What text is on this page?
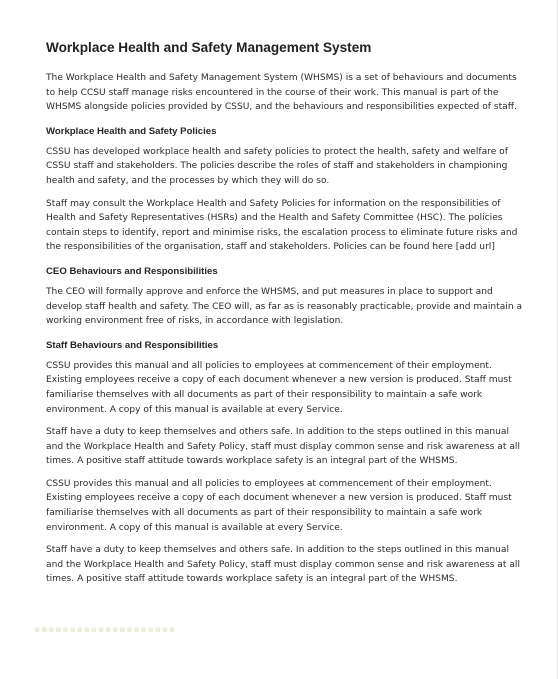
Workplace Health and Safety Management System

The Workplace Health and Safety Management System (WHSMS) is a set of behaviours and documents to help CCSU staff manage risks encountered in the course of their work. This manual is part of the WHSMS alongside policies provided by CSSU, and the behaviours and responsibilities expected of staff.

Workplace Health and Safety Policies

CSSU has developed workplace health and safety policies to protect the health, safety and welfare of CSSU staff and stakeholders. The policies describe the roles of staff and stakeholders in championing health and safety, and the processes by which they will do so.

Staff may consult the Workplace Health and Safety Policies for information on the responsibilities of Health and Safety Representatives (HSRs) and the Health and Safety Committee (HSC). The policies contain steps to identify, report and minimise risks, the escalation process to eliminate future risks and the responsibilities of the organisation, staff and stakeholders. Policies can be found here [add url]

CEO Behaviours and Responsibilities

The CEO will formally approve and enforce the WHSMS, and put measures in place to support and develop staff health and safety. The CEO will, as far as is reasonably practicable, provide and maintain a working environment free of risks, in accordance with legislation.

Staff Behaviours and Responsibilities

CSSU provides this manual and all policies to employees at commencement of their employment. Existing employees receive a copy of each document whenever a new version is produced. Staff must familiarise themselves with all documents as part of their responsibility to maintain a safe work environment. A copy of this manual is available at every Service.

Staff have a duty to keep themselves and others safe. In addition to the steps outlined in this manual and the Workplace Health and Safety Policy, staff must display common sense and risk awareness at all times. A positive staff attitude towards workplace safety is an integral part of the WHSMS.

CSSU provides this manual and all policies to employees at commencement of their employment. Existing employees receive a copy of each document whenever a new version is produced. Staff must familiarise themselves with all documents as part of their responsibility to maintain a safe work environment. A copy of this manual is available at every Service.

Staff have a duty to keep themselves and others safe. In addition to the steps outlined in this manual and the Workplace Health and Safety Policy, staff must display common sense and risk awareness at all times. A positive staff attitude towards workplace safety is an integral part of the WHSMS.

▪▪▪▪▪▪▪▪▪▪▪▪▪▪▪▪▪▪▪▪
